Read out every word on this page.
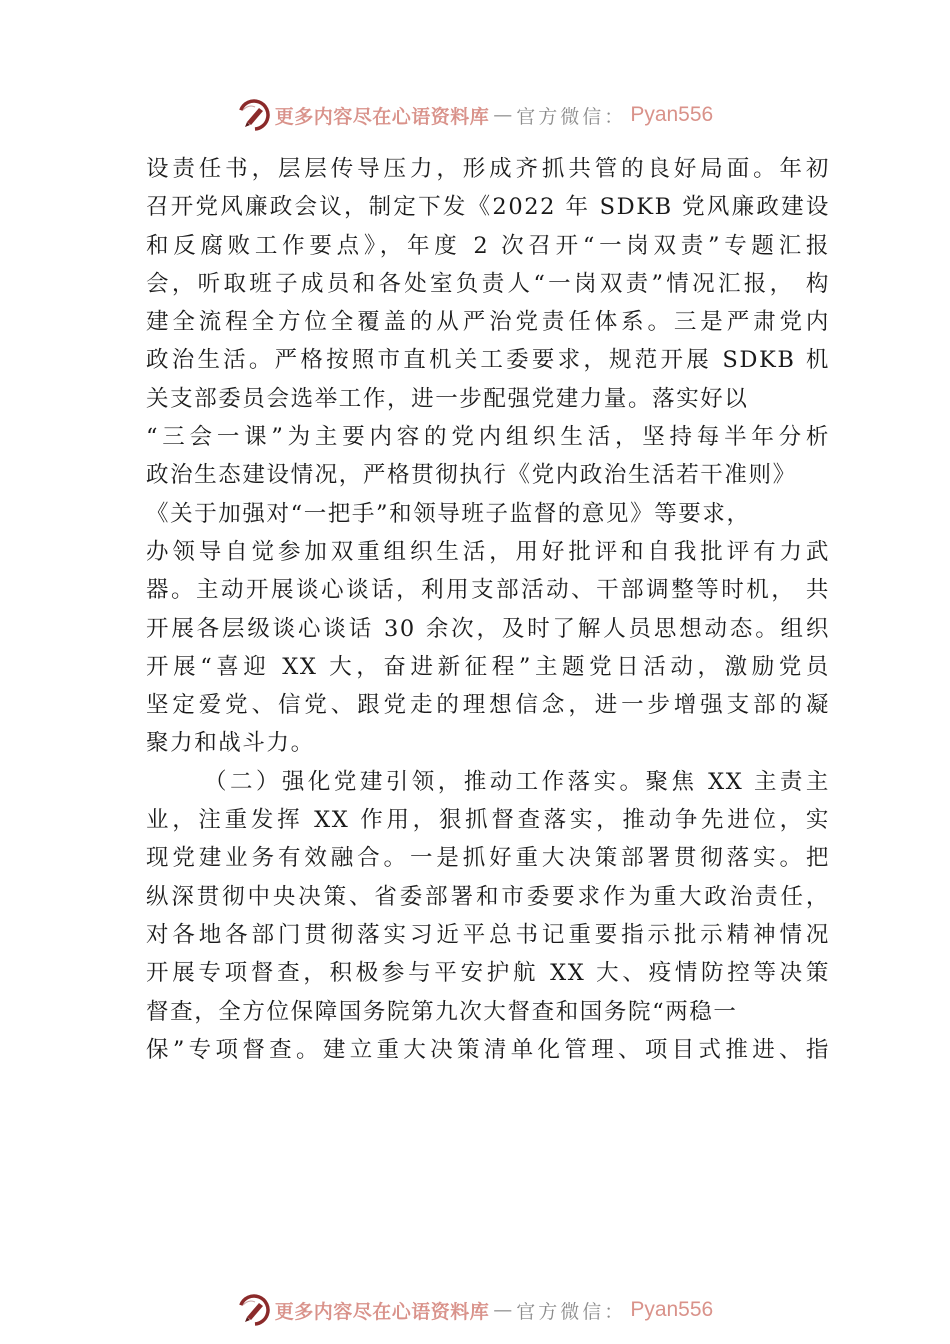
更多内容尽在心语资料库 — 官方微信： Pyan556
设责任书，层层传导压力，形成齐抓共管的良好局面。年初
召开党风廉政会议，制定下发《2022 年 SDKB 党风廉政建设
和反腐败工作要点》，年度 2 次召开“一岗双责”专题汇报
会，听取班子成员和各处室负责人“一岗双责”情况汇报， 构
建全流程全方位全覆盖的从严治党责任体系。三是严肃党内
政治生活。严格按照市直机关工委要求，规范开展 SDKB 机
关支部委员会选举工作，进一步配强党建力量。落实好以
“三会一课”为主要内容的党内组织生活，坚持每半年分析
政治生态建设情况，严格贯彻执行《党内政治生活若干准则》
《关于加强对“一把手”和领导班子监督的意见》等要求，
办领导自觉参加双重组织生活，用好批评和自我批评有力武
器。主动开展谈心谈话，利用支部活动、干部调整等时机， 共
开展各层级谈心谈话 30 余次，及时了解人员思想动态。组织
开展“喜迎 XX 大，奋进新征程”主题党日活动，激励党员
坚定爱党、信党、跟党走的理想信念，进一步增强支部的凝
聚力和战斗力。
（二）强化党建引领，推动工作落实。聚焦 XX 主责主
业，注重发挥 XX 作用，狠抓督查落实，推动争先进位，实
现党建业务有效融合。一是抓好重大决策部署贯彻落实。把
纵深贯彻中央决策、省委部署和市委要求作为重大政治责任，
对各地各部门贯彻落实习近平总书记重要指示批示精神情况
开展专项督查，积极参与平安护航 XX 大、疫情防控等决策
督查，全方位保障国务院第九次大督查和国务院“两稳一
保”专项督查。建立重大决策清单化管理、项目式推进、指
更多内容尽在心语资料库 — 官方微信： Pyan556
